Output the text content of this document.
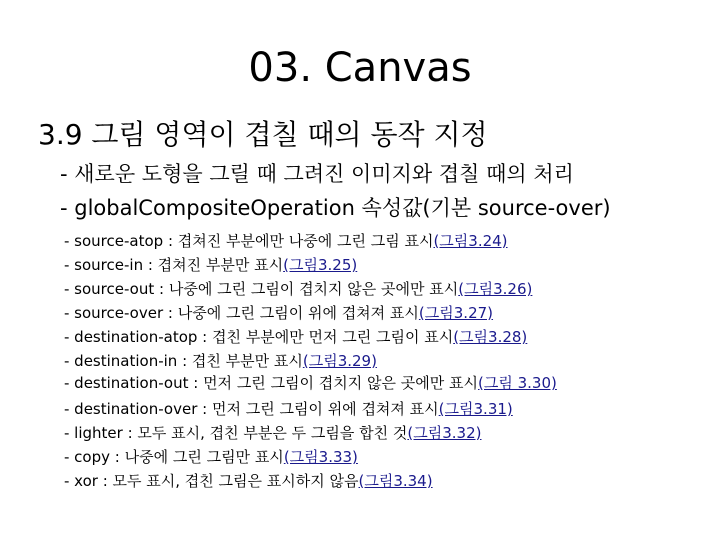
03. Canvas
3.9 그림 영역이 겹칠 때의 동작 지정
- 새로운 도형을 그릴 때 그려진 이미지와 겹칠 때의 처리
- globalCompositeOperation 속성값(기본 source-over)
- source-atop : 겹쳐진 부분에만 나중에 그린 그림 표시(그림3.24)
- source-in : 겹쳐진 부분만 표시(그림3.25)
- source-out : 나중에 그린 그림이 겹치지 않은 곳에만 표시(그림3.26)
- source-over : 나중에 그린 그림이 위에 겹쳐져 표시(그림3.27)
- destination-atop : 겹친 부분에만 먼저 그린 그림이 표시(그림3.28)
- destination-in : 겹친 부분만 표시(그림3.29)
- destination-out : 먼저 그린 그림이 겹치지 않은 곳에만 표시(그림 3.30)
- destination-over : 먼저 그린 그림이 위에 겹쳐져 표시(그림3.31)
- lighter : 모두 표시, 겹친 부분은 두 그림을 합친 것(그림3.32)
- copy : 나중에 그린 그림만 표시(그림3.33)
- xor : 모두 표시, 겹친 그림은 표시하지 않음(그림3.34)
